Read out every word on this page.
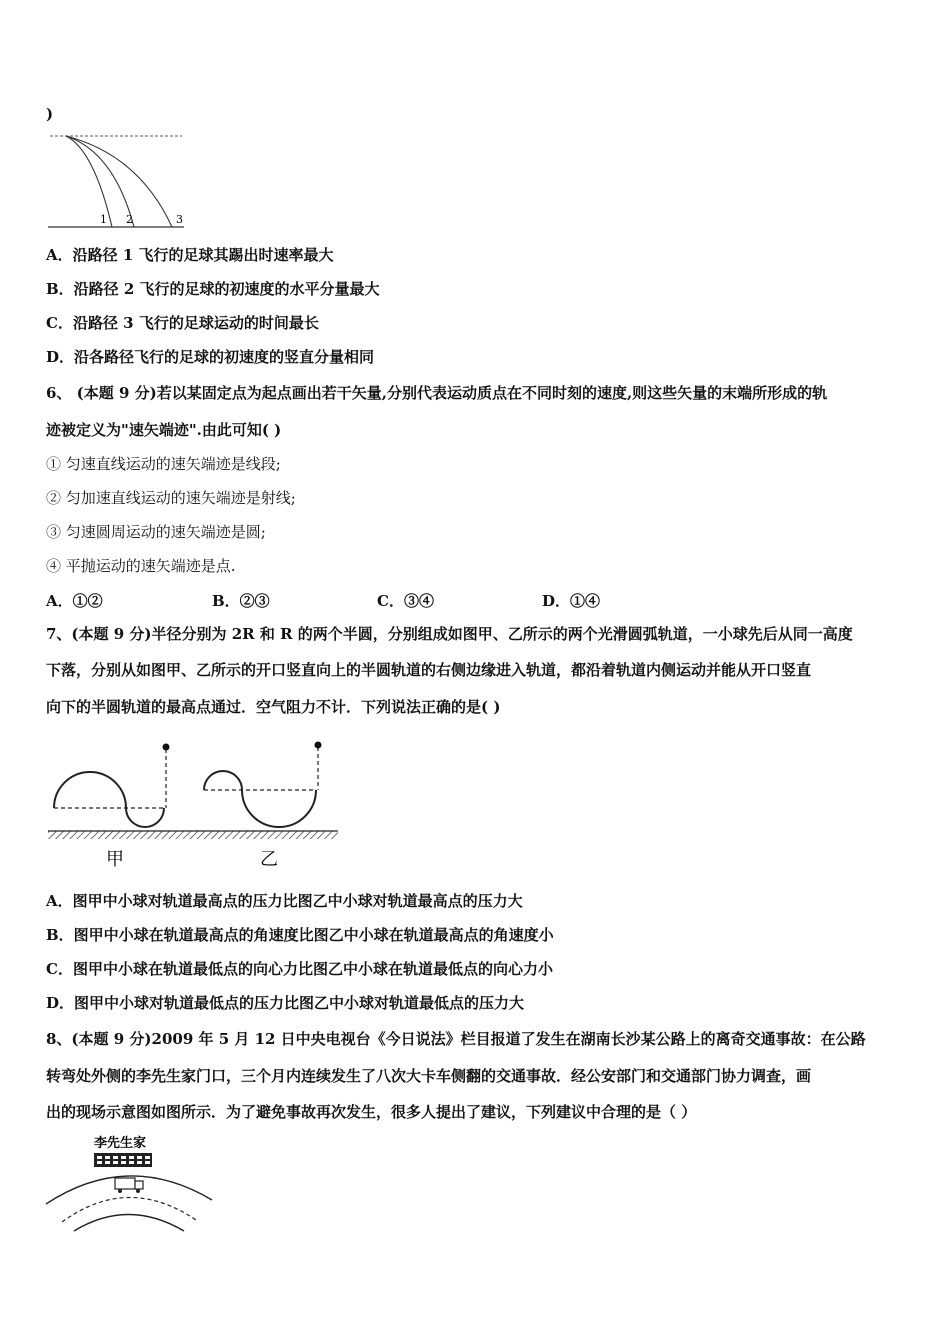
)
1 2	3
A．沿路径 1 飞行的足球其踢出时速率最大
B．沿路径 2 飞行的足球的初速度的水平分量最大
C．沿路径 3 飞行的足球运动的时间最长
D．沿各路径飞行的足球的初速度的竖直分量相同
6、 (本题 9 分)若以某固定点为起点画出若干矢量,分别代表运动质点在不同时刻的速度,则这些矢量的末端所形成的轨
迹被定义为"速矢端迹".由此可知( )
① 匀速直线运动的速矢端迹是线段;
② 匀加速直线运动的速矢端迹是射线;
③ 匀速圆周运动的速矢端迹是圆;
④ 平抛运动的速矢端迹是点.
A．①②	B．②③	C．③④	D．①④
7、(本题 9 分)半径分别为 2R 和 R 的两个半圆，分别组成如图甲、乙所示的两个光滑圆弧轨道，一小球先后从同一高度
下落，分别从如图甲、乙所示的开口竖直向上的半圆轨道的右侧边缘进入轨道，都沿着轨道内侧运动并能从开口竖直
向下的半圆轨道的最高点通过．空气阻力不计．下列说法正确的是( )
甲	乙
A．图甲中小球对轨道最高点的压力比图乙中小球对轨道最高点的压力大
B．图甲中小球在轨道最高点的角速度比图乙中小球在轨道最高点的角速度小
C．图甲中小球在轨道最低点的向心力比图乙中小球在轨道最低点的向心力小
D．图甲中小球对轨道最低点的压力比图乙中小球对轨道最低点的压力大
8、(本题 9 分)2009 年 5 月 12 日中央电视台《今日说法》栏目报道了发生在湖南长沙某公路上的离奇交通事故：在公路
转弯处外侧的李先生家门口，三个月内连续发生了八次大卡车侧翻的交通事故．经公安部门和交通部门协力调查，画
出的现场示意图如图所示．为了避免事故再次发生，很多人提出了建议，下列建议中合理的是（ ）
李先生家
